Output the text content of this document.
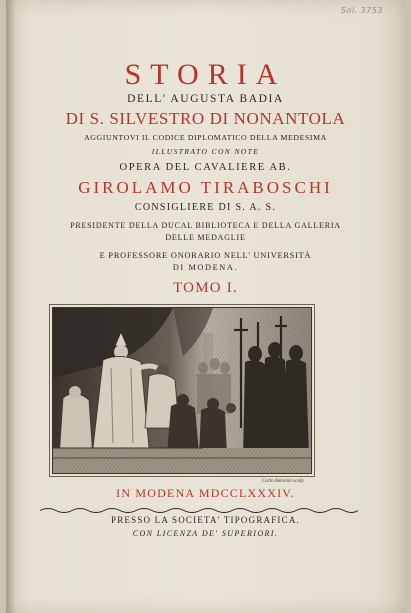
Sol. 3753
STORIA
DELL' AUGUSTA BADIA
DI S. SILVESTRO DI NONANTOLA
AGGIUNTOVI IL CODICE DIPLOMATICO DELLA MEDESIMA
ILLUSTRATO CON NOTE
OPERA DEL CAVALIERE AB.
GIROLAMO TIRABOSCHI
CONSIGLIERE DI S. A. S.
PRESIDENTE DELLA DUCAL BIBLIOTECA E DELLA GALLERIA
DELLE MEDAGLIE
E PROFESSORE ONORARIO NELL' UNIVERSITÀ
DI MODENA.
TOMO I.
Carlo Antonini sculp.
IN MODENA MDCCLXXXIV.
PRESSO LA SOCIETA' TIPOGRAFICA.
CON LICENZA DE' SUPERIORI.
